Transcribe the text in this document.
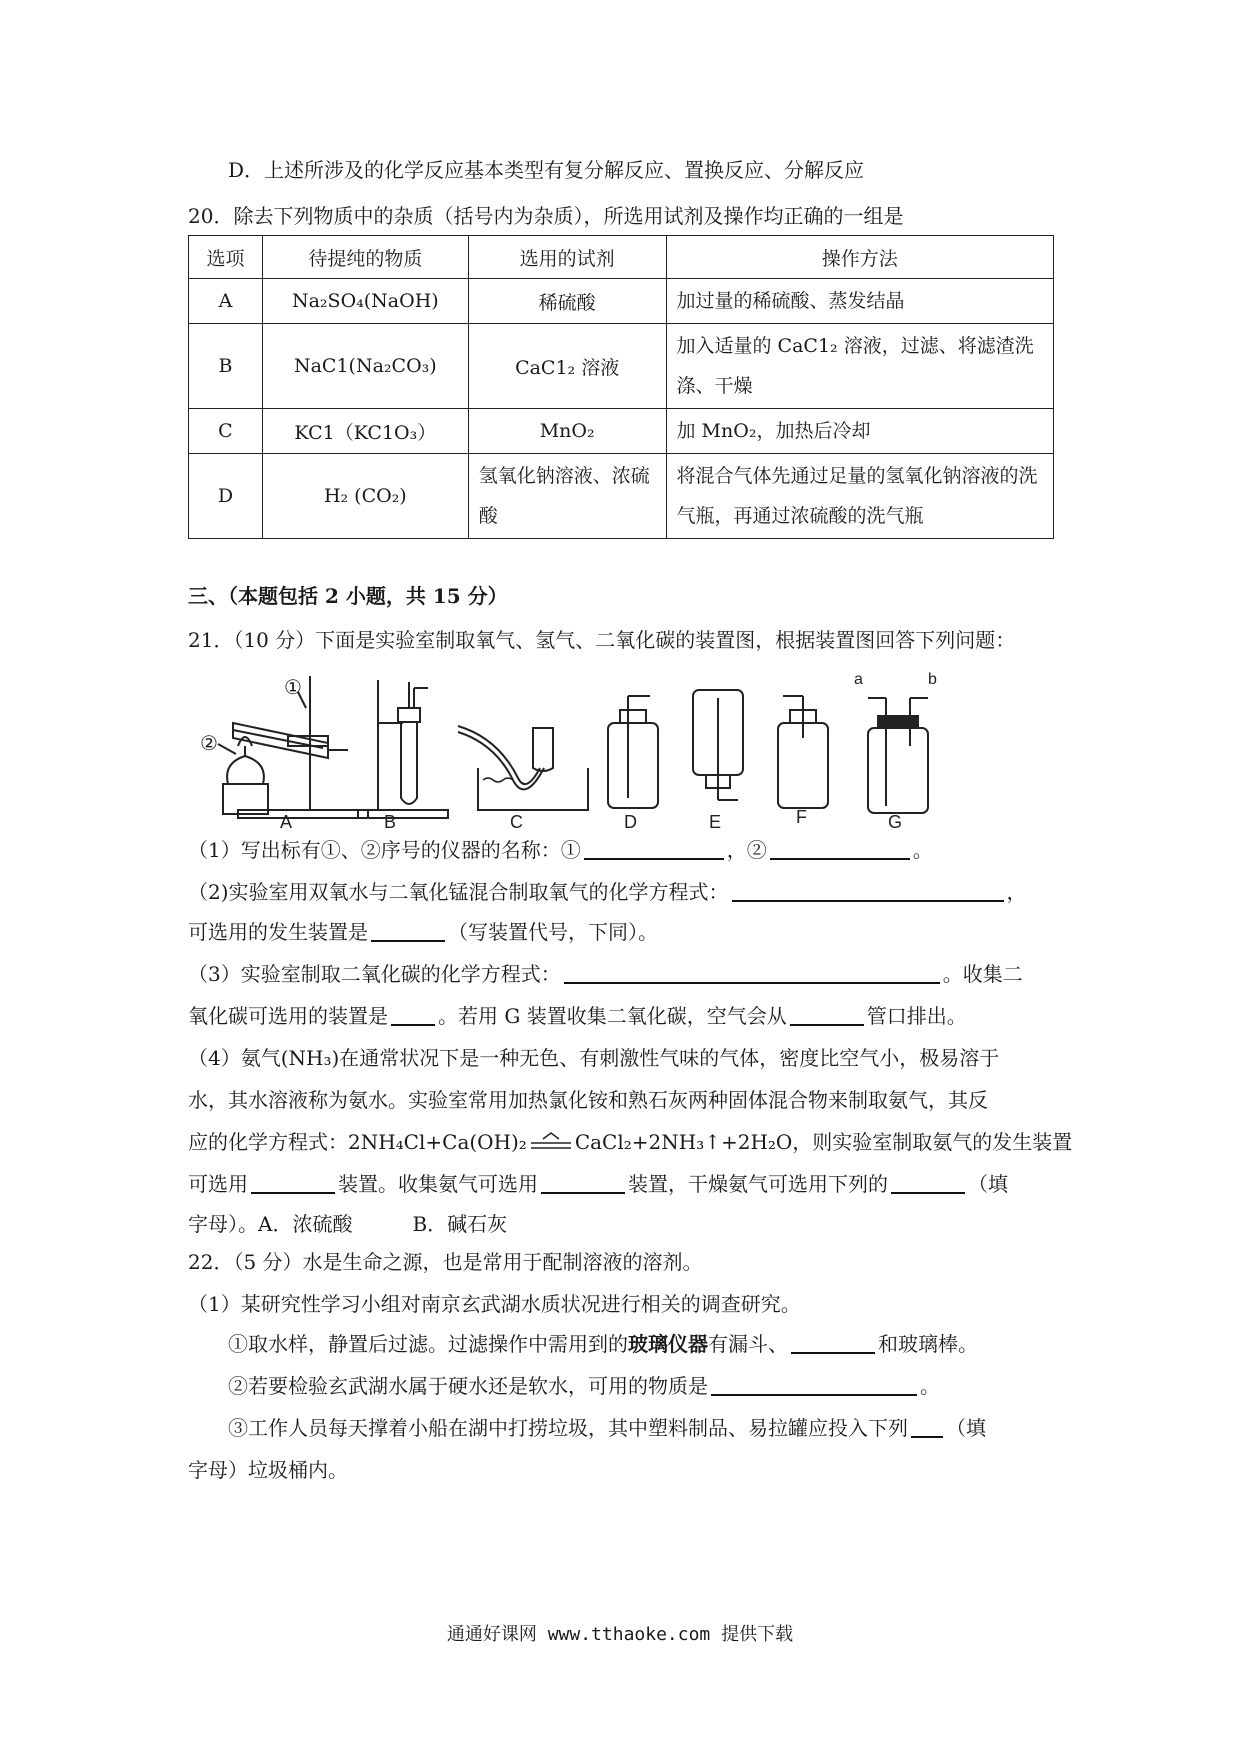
D．上述所涉及的化学反应基本类型有复分解反应、置换反应、分解反应
20．除去下列物质中的杂质（括号内为杂质），所选用试剂及操作均正确的一组是
选项	待提纯的物质	选用的试剂	操作方法
A	Na₂SO₄(NaOH)	稀硫酸	加过量的稀硫酸、蒸发结晶
B	NaC1(Na₂CO₃)	CaC1₂ 溶液	加入适量的 CaC1₂ 溶液，过滤、将滤渣洗涤、干燥
C	KC1（KC1O₃）	MnO₂	加 MnO₂，加热后冷却
D	H₂ (CO₂)	氢氧化钠溶液、浓硫酸	将混合气体先通过足量的氢氧化钠溶液的洗气瓶，再通过浓硫酸的洗气瓶
三、（本题包括 2 小题，共 15 分）
21．（10 分）下面是实验室制取氧气、氢气、二氧化碳的装置图，根据装置图回答下列问题：
①
②
A	B	C	D	E	F
a	b
G
（1）写出标有①、②序号的仪器的名称：①	，②	。
（2)实验室用双氧水与二氧化锰混合制取氧气的化学方程式：	，
可选用的发生装置是	（写装置代号，下同）。
（3）实验室制取二氧化碳的化学方程式：	。收集二
氧化碳可选用的装置是	。若用 G 装置收集二氧化碳，空气会从	管口排出。
（4）氨气(NH₃)在通常状况下是一种无色、有刺激性气味的气体，密度比空气小，极易溶于
水，其水溶液称为氨水。实验室常用加热氯化铵和熟石灰两种固体混合物来制取氨气，其反
应的化学方程式：2NH₄Cl+Ca(OH)₂ CaCl₂+2NH₃↑+2H₂O，则实验室制取氨气的发生装置
可选用	装置。收集氨气可选用	装置，干燥氨气可选用下列的	（填
字母）。A．浓硫酸　　　B．碱石灰
22．（5 分）水是生命之源，也是常用于配制溶液的溶剂。
（1）某研究性学习小组对南京玄武湖水质状况进行相关的调查研究。
①取水样，静置后过滤。过滤操作中需用到的玻璃仪器有漏斗、	和玻璃棒。
②若要检验玄武湖水属于硬水还是软水，可用的物质是	。
③工作人员每天撑着小船在湖中打捞垃圾，其中塑料制品、易拉罐应投入下列 （填
字母）垃圾桶内。
通通好课网 www.tthaoke.com 提供下载
